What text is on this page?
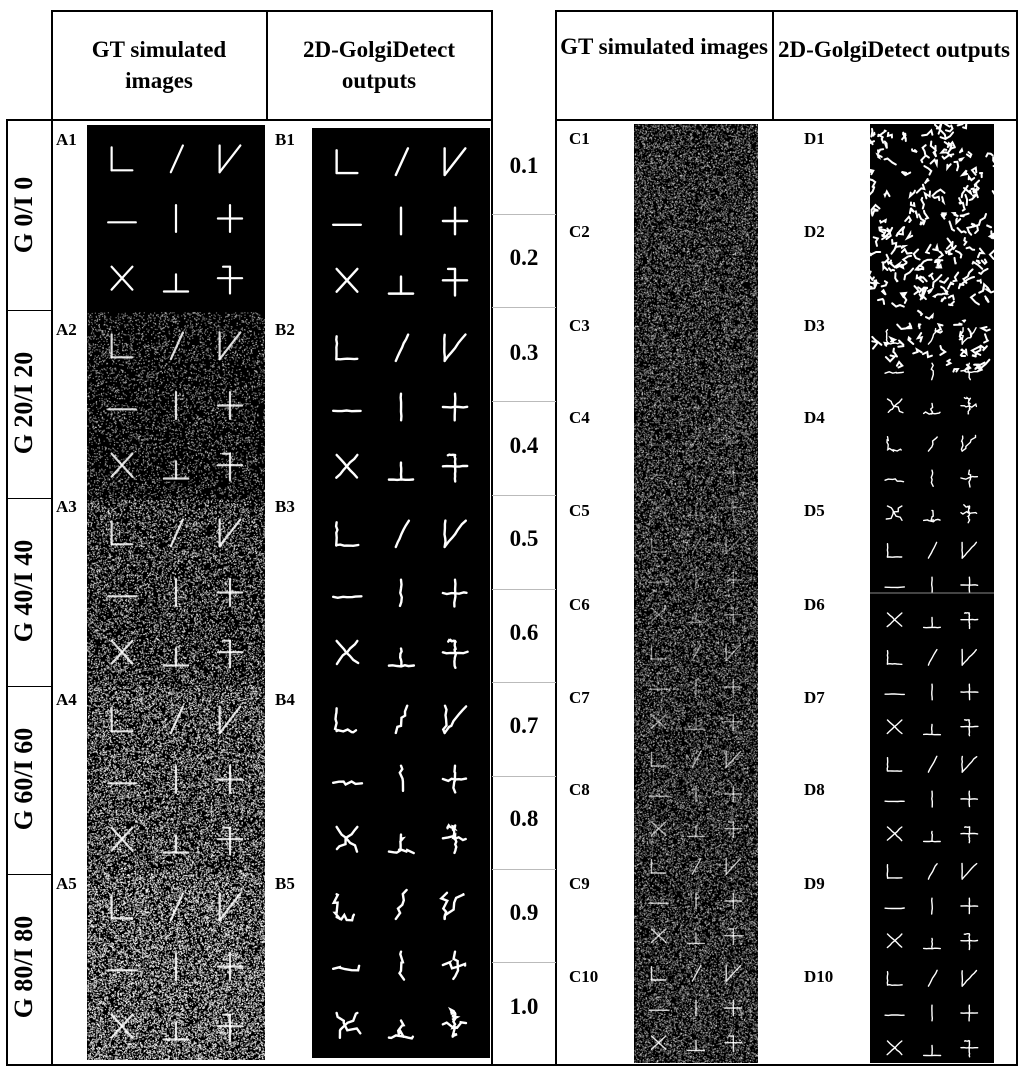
GT simulated images
2D-GolgiDetect outputs
GT simulated images 2D-GolgiDetect outputs
G 0/I 0
G 20/I 20
G 40/I 40
G 60/I 60
G 80/I 80
0.1
0.2
0.3
0.4
0.5
0.6
0.7
0.8
0.9
1.0
A1
A2
A3
A4
A5
B1
B2
B3
B4
B5
C1
C2
C3
C4
C5
C6
C7
C8
C9
C10
D1
D2
D3
D4
D5
D6
D7
D8
D9
D10
